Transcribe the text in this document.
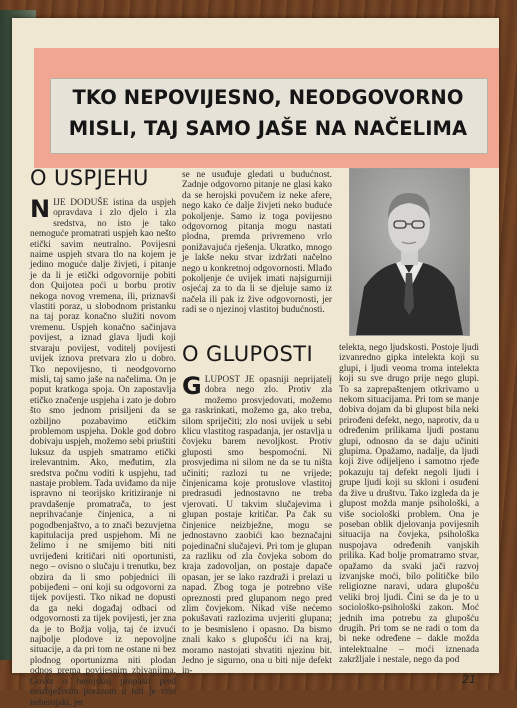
TKO NEPOVIJESNO, NEODGOVORNO
MISLI, TAJ SAMO JAŠE NA NAČELIMA
O USPJEHU

NIJE DODUŠE istina da uspjeh opravdava i zlo djelo i zla sredstva, no isto je tako nemoguće promatrati uspjeh kao nešto etički savim neutralno. Povijesni naime uspjeh stvara tlo na kojem je jedino moguće dalje živjeti, i pitanje je da li je etički odgovornije pobiti don Quijotea poći u borbu protiv nekoga novog vremena, ili, priznavši vlastiti poraz, u slobodnom pristanku na taj poraz konačno služiti novom vremenu. Uspjeh konačno sačinjava povijest, a iznad glava ljudi koji stvaraju povijest, voditelj povijesti uvijek iznova pretvara zlo u dobro. Tko nepovijesno, ti neodgovorno misli, taj samo jaše na načelima. On je poput kratkoga spoja. On zapostavlja etičko značenje uspjeha i zato je dobro što smo jednom prisiljeni da se ozbiljno pozabavimo etičkim problemom uspjeha. Dokle god dobro dobivaju uspjeh, možemo sebi priuštiti luksuz da uspjeh smatramo etički irelevantnim. Ako, međutim, zla sredstva počnu voditi k uspjehu, tad nastaje problem. Tada uviđamo da nije ispravno ni teorijsko kritiziranje ni pravdašenje promatrača, to jest neprihvaćanje činjenica, a ni pogodbenjaštvo, a to znači bezuvjetna kapitulacija pred uspjehom. Mi ne želimo i ne smijemo biti niti uvrijeđeni kritičari niti oportunisti, nego – ovisno o slučaju i trenutku, bez obzira da li smo pobjednici ili pobijeđeni – oni koji su odgovorni za tijek povijesti. Tko nikad ne dopusti da ga neki događaj odbaci od odgovornosti za tijek povijesti, jer zna da je to Božja volja, taj će izvući najbolje plodove iz nepovoljne situacije, a da pri tom ne ostane ni bez plodnog oportunizma niti plodan odnos prema povijesnim zbivanjima. Govor o herojskoj propasti pred neizbježivim porazom u biti je vrlo neherojski, jer

se ne usuđuje gledati u budućnost. Zadnje odgovorno pitanje ne glasi kako da se herojski povučem iz neke afere, nego kako će dalje živjeti neko buduće pokoljenje. Samo iz toga povijesno odgovornog pitanja mogu nastati plodna, premda privremeno vrlo ponižavajuća rješenja. Ukratko, mnogo je lakše neku stvar izdržati načelno nego u konkretnoj odgovornosti. Mlađo pokoljenje će uvijek imati najsigurniji osjećaj za to da li se djeluje samo iz načela ili pak iz žive odgovornosti, jer radi se o njezinoj vlastitoj budućnosti.

O GLUPOSTI

GLUPOST JE opasniji neprijatelj dobra nego zlo. Protiv zla možemo prosvjedovati, možemo ga raskrinkati, možemo ga, ako treba, silom spriječiti; zlo nosi uvijek u sebi klicu vlastitog raspadanja, jer ostavlja u čovjeku barem nevoljkost. Protiv gluposti smo bespomoćni. Ni prosvjedima ni silom ne da se tu ništa učiniti; razlozi tu ne vrijede; činjenicama koje protuslove vlastitoj predrasudi jednostavno ne treba vjerovati. U takvim slučajevima i glupan postaje kritičar. Pa čak su činjenice neizbježne, mogu se jednostavno zaobići kao beznačajni pojedinačni slučajevi. Pri tom je glupan za razliku od zla čovjeka sobom do kraja zadovoljan, on postaje dapače opasan, jer se lako razdraži i prelazi u napad. Zbog toga je potrebno više opreznosti pred glupanom nego pred zlim čovjekom. Nikad više nećemo pokušavati razlozima uvjeriti glupana; to je besmisleno i opasno. Da bismo znali kako s glupošću ići na kraj, moramo nastojati shvatiti njezinu bit. Jedno je sigurno, ona u biti nije defekt in-

telekta, nego ljudskosti. Postoje ljudi izvanredno gipka intelekta koji su glupi, i ljudi veoma troma intelekta koji su sve drugo prije nego glupi. To sa zaprepaštenjem otkrivamo u nekom situacijama. Pri tom se manje dobiva dojam da bi glupost bila neki prirođeni defekt, nego, naprotiv, da u određenim prilikama ljudi postanu glupi, odnosno da se daju učiniti glupima. Opažamo, nadalje, da ljudi koji žive odijeljeno i samotno rjeđe pokazuju taj defekt negoli ljudi i grupe ljudi koji su skloni i osuđeni da žive u društvu. Tako izgleda da je glupost možda manje psihološki, a više sociološki problem. Ona je poseban oblik djelovanja povijesnih situacija na čovjeka, psihološka nuspojava određenih vanjskih prilika. Kad bolje promatramo stvar, opažamo da svaki jači razvoj izvanjske moći, bilo političke bilo religiozne naravi, udara glupošću veliki broj ljudi. Čini se da je to u sociološko-psihološki zakon. Moć jednih ima potrebu za glupošću drugih. Pri tom se ne radi o tom da bi neke određene – dakle možda intelektualne – moći iznenada zakržljale i nestale, nego da pod

21
